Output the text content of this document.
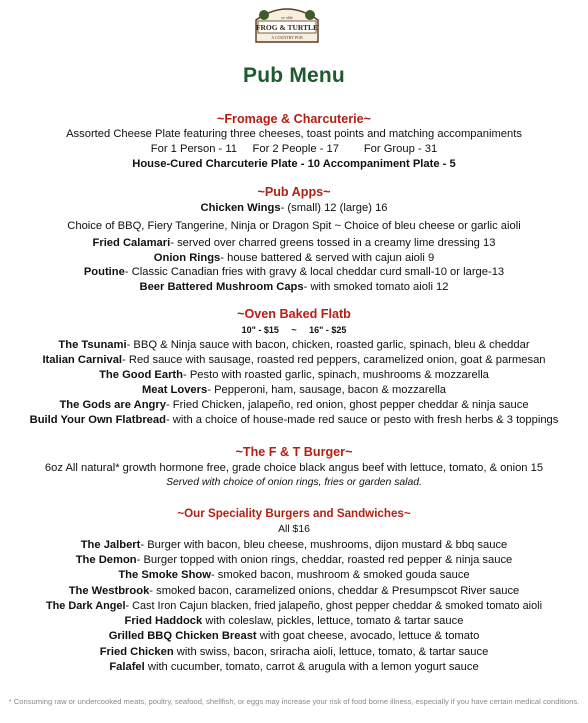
ye olde
FROG & TURTLE
A COUNTRY PUB
Pub Menu
~Fromage & Charcuterie~
Assorted Cheese Plate featuring three cheeses, toast points and matching accompaniments
For 1 Person - 11     For 2 People - 17        For Group - 31
House-Cured Charcuterie Plate - 10 Accompaniment Plate - 5
~Pub Apps~
Chicken Wings- (small) 12 (large) 16
Choice of BBQ, Fiery Tangerine, Ninja or Dragon Spit ~ Choice of bleu cheese or garlic aioli
Fried Calamari- served over charred greens tossed in a creamy lime dressing 13
Onion Rings- house battered & served with cajun aioli 9
Poutine- Classic Canadian fries with gravy & local cheddar curd small-10 or large-13
Beer Battered Mushroom Caps- with smoked tomato aioli 12
~Oven Baked Flatb
10" - $15     ~     16" - $25
The Tsunami- BBQ & Ninja sauce with bacon, chicken, roasted garlic, spinach, bleu & cheddar
Italian Carnival- Red sauce with sausage, roasted red peppers, caramelized onion, goat & parmesan
The Good Earth- Pesto with roasted garlic, spinach, mushrooms & mozzarella
Meat Lovers- Pepperoni, ham, sausage, bacon & mozzarella
The Gods are Angry- Fried Chicken, jalapeño, red onion, ghost pepper cheddar & ninja sauce
Build Your Own Flatbread- with a choice of house-made red sauce or pesto with fresh herbs & 3 toppings
~The F & T Burger~
6oz All natural* growth hormone free, grade choice black angus beef with lettuce, tomato, & onion 15
Served with choice of onion rings, fries or garden salad.
~Our Speciality Burgers and Sandwiches~
All $16
The Jalbert- Burger with bacon, bleu cheese, mushrooms, dijon mustard & bbq sauce
The Demon- Burger topped with onion rings, cheddar, roasted red pepper & ninja sauce
The Smoke Show- smoked bacon, mushroom & smoked gouda sauce
The Westbrook- smoked bacon, caramelized onions, cheddar & Presumpscot River sauce
The Dark Angel- Cast Iron Cajun blacken, fried jalapeño, ghost pepper cheddar & smoked tomato aioli
Fried Haddock with coleslaw, pickles, lettuce, tomato & tartar sauce
Grilled BBQ Chicken Breast with goat cheese, avocado, lettuce & tomato
Fried Chicken with swiss, bacon, sriracha aioli, lettuce, tomato, & tartar sauce
Falafel with cucumber, tomato, carrot & arugula with a lemon yogurt sauce
* Consuming raw or undercooked meats, poultry, seafood, shellfish, or eggs may increase your risk of food borne illness, especially if you have certain medical conditions.
